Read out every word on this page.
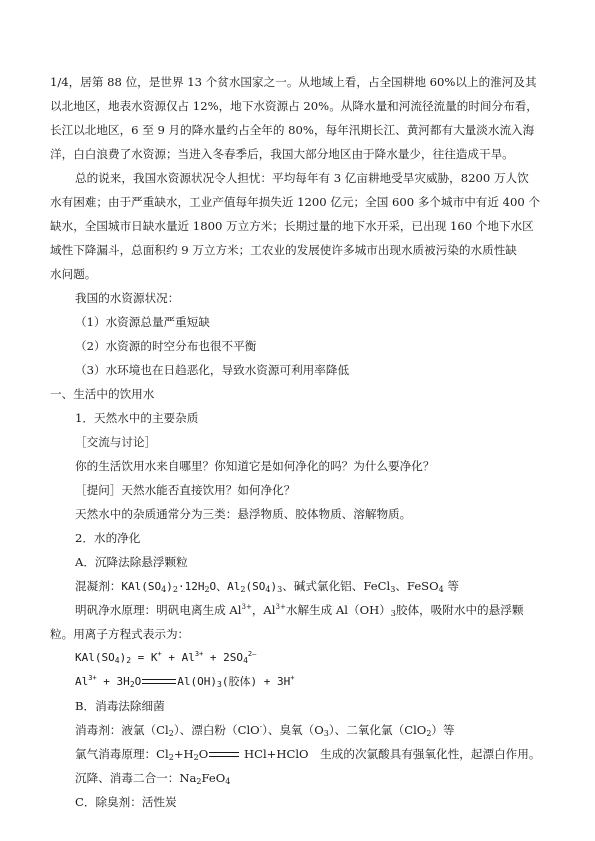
1/4，居第 88 位，是世界 13 个贫水国家之一。从地域上看，占全国耕地 60%以上的淮河及其
以北地区，地表水资源仅占 12%，地下水资源占 20%。从降水量和河流径流量的时间分布看，
长江以北地区，6 至 9 月的降水量约占全年的 80%，每年汛期长江、黄河都有大量淡水流入海
洋，白白浪费了水资源；当进入冬春季后，我国大部分地区由于降水量少，往往造成干旱。
总的说来，我国水资源状况令人担忧：平均每年有 3 亿亩耕地受旱灾威胁，8200 万人饮
水有困难；由于严重缺水，工业产值每年损失近 1200 亿元；全国 600 多个城市中有近 400 个
缺水，全国城市日缺水量近 1800 万立方米；长期过量的地下水开采，已出现 160 个地下水区
域性下降漏斗，总面积约 9 万立方米；工农业的发展使许多城市出现水质被污染的水质性缺
水问题。
我国的水资源状况：
（1）水资源总量严重短缺
（2）水资源的时空分布也很不平衡
（3）水环境也在日趋恶化，导致水资源可利用率降低
一、生活中的饮用水
1．天然水中的主要杂质
［交流与讨论］
你的生活饮用水来自哪里？你知道它是如何净化的吗？为什么要净化？
［提问］天然水能否直接饮用？如何净化？
天然水中的杂质通常分为三类：悬浮物质、胶体物质、溶解物质。
2．水的净化
A．沉降法除悬浮颗粒
混凝剂：$KAl(SO_4)_2\cdot 12H_2O$、$Al_2(SO_4)_3$、碱式氯化铝、FeCl$_3$、FeSO$_4$ 等
明矾净水原理：明矾电离生成 $Al^{3+}$，$Al^{3+}$水解生成 $Al(OH)_3$胶体，吸附水中的悬浮颗
粒。用离子方程式表示为：
$KAl(SO_4)_2 = K^+ + Al^{3+} + 2SO_4^{2—}$
$Al^{3+} + 3H_2O$	$Al(OH)_3$(胶体) + 3H+
B．消毒法除细菌
消毒剂：液氯$(Cl_2)$、漂白粉（ClO-）、臭氧$(O_3)$、二氧化氯（ClO$_2$）等
氯气消毒原理：$Cl_2+H_2O$	HCl+HClO　生成的次氯酸具有强氧化性，起漂白作用。
沉降、消毒二合一：Na2FeO$_4$
C．除臭剂：活性炭
